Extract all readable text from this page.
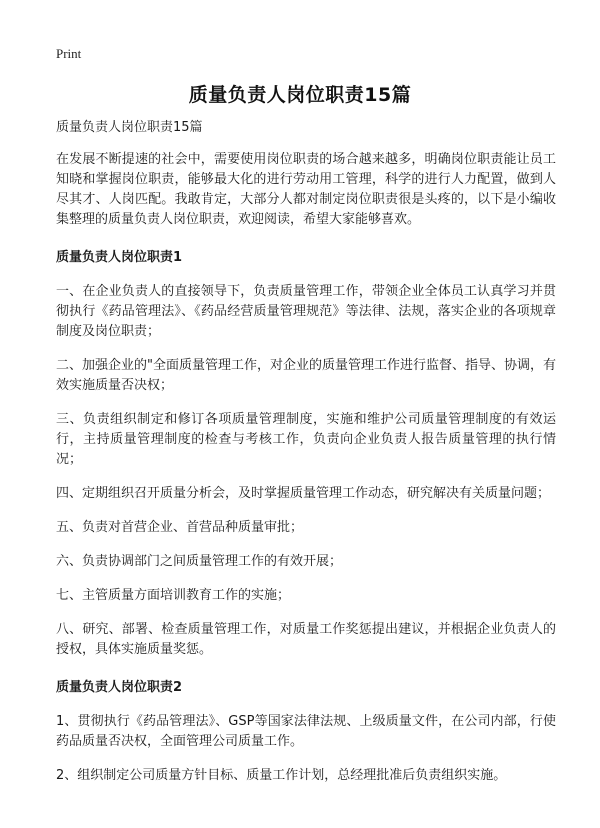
Print
质量负责人岗位职责15篇

质量负责人岗位职责15篇

在发展不断提速的社会中，需要使用岗位职责的场合越来越多，明确岗位职责能让员工知晓和掌握岗位职责，能够最大化的进行劳动用工管理，科学的进行人力配置，做到人尽其才、人岗匹配。我敢肯定，大部分人都对制定岗位职责很是头疼的，以下是小编收集整理的质量负责人岗位职责，欢迎阅读，希望大家能够喜欢。

质量负责人岗位职责1

一、在企业负责人的直接领导下，负责质量管理工作，带领企业全体员工认真学习并贯彻执行《药品管理法》、《药品经营质量管理规范》等法律、法规，落实企业的各项规章制度及岗位职责；

二、加强企业的"全面质量管理工作，对企业的质量管理工作进行监督、指导、协调，有效实施质量否决权；

三、负责组织制定和修订各项质量管理制度，实施和维护公司质量管理制度的有效运行，主持质量管理制度的检查与考核工作，负责向企业负责人报告质量管理的执行情况；

四、定期组织召开质量分析会，及时掌握质量管理工作动态，研究解决有关质量问题；

五、负责对首营企业、首营品种质量审批；

六、负责协调部门之间质量管理工作的有效开展；

七、主管质量方面培训教育工作的实施；

八、研究、部署、检查质量管理工作，对质量工作奖惩提出建议，并根据企业负责人的授权，具体实施质量奖惩。

质量负责人岗位职责2

1、贯彻执行《药品管理法》、GSP等国家法律法规、上级质量文件，在公司内部，行使药品质量否决权，全面管理公司质量工作。

2、组织制定公司质量方针目标、质量工作计划，总经理批准后负责组织实施。
